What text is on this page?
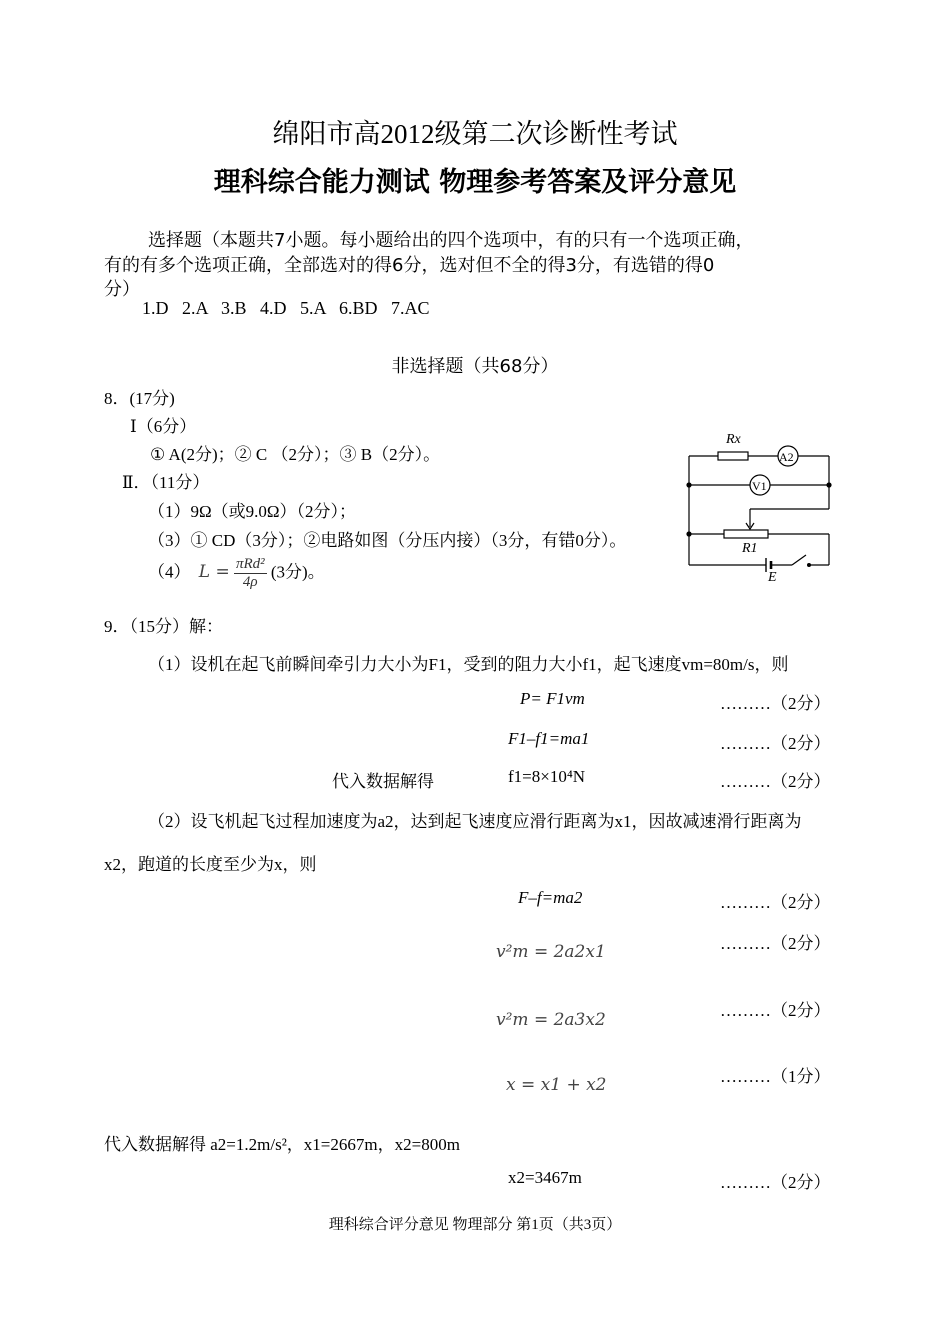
绵阳市高2012级第二次诊断性考试
理科综合能力测试 物理参考答案及评分意见
选择题（本题共7小题。每小题给出的四个选项中，有的只有一个选项正确，
有的有多个选项正确，全部选对的得6分，选对但不全的得3分，有选错的得0
分）
1.D   2.A   3.B   4.D   5.A   6.BD   7.AC
非选择题（共68分）
8．(17分)
Ⅰ（6分）
① A(2分)；② C （2分）；③ B（2分）。
Ⅱ．（11分）
（1）9Ω（或9.0Ω）（2分）；
（3）① CD（3分）；②电路如图（分压内接）（3分，有错0分）。
（4） $L = \frac{\text{πRd²}}{4\rho} (3$分)。
Rx
A2
V1
R1
E
9．（15分）解：
（1）设机在起飞前瞬间牵引力大小为F1，受到的阻力大小f1，起飞速度vm=80m/s，则
P= F1vm	………（2分）
F1–f1=ma1	………（2分）
代入数据解得	f1=8×10⁴N	………（2分）
（2）设飞机起飞过程加速度为a2，达到起飞速度应滑行距离为x1，因故减速滑行距离为
x2，跑道的长度至少为x，则
F–f=ma2	………（2分）
v²m = 2a2x1	………（2分）
v²m = 2a3x2	………（2分）
x = x1 + x2	………（1分）
代入数据解得 a2=1.2m/s²，x1=2667m，x2=800m
x2=3467m	………（2分）
理科综合评分意见 物理部分 第1页（共3页）
